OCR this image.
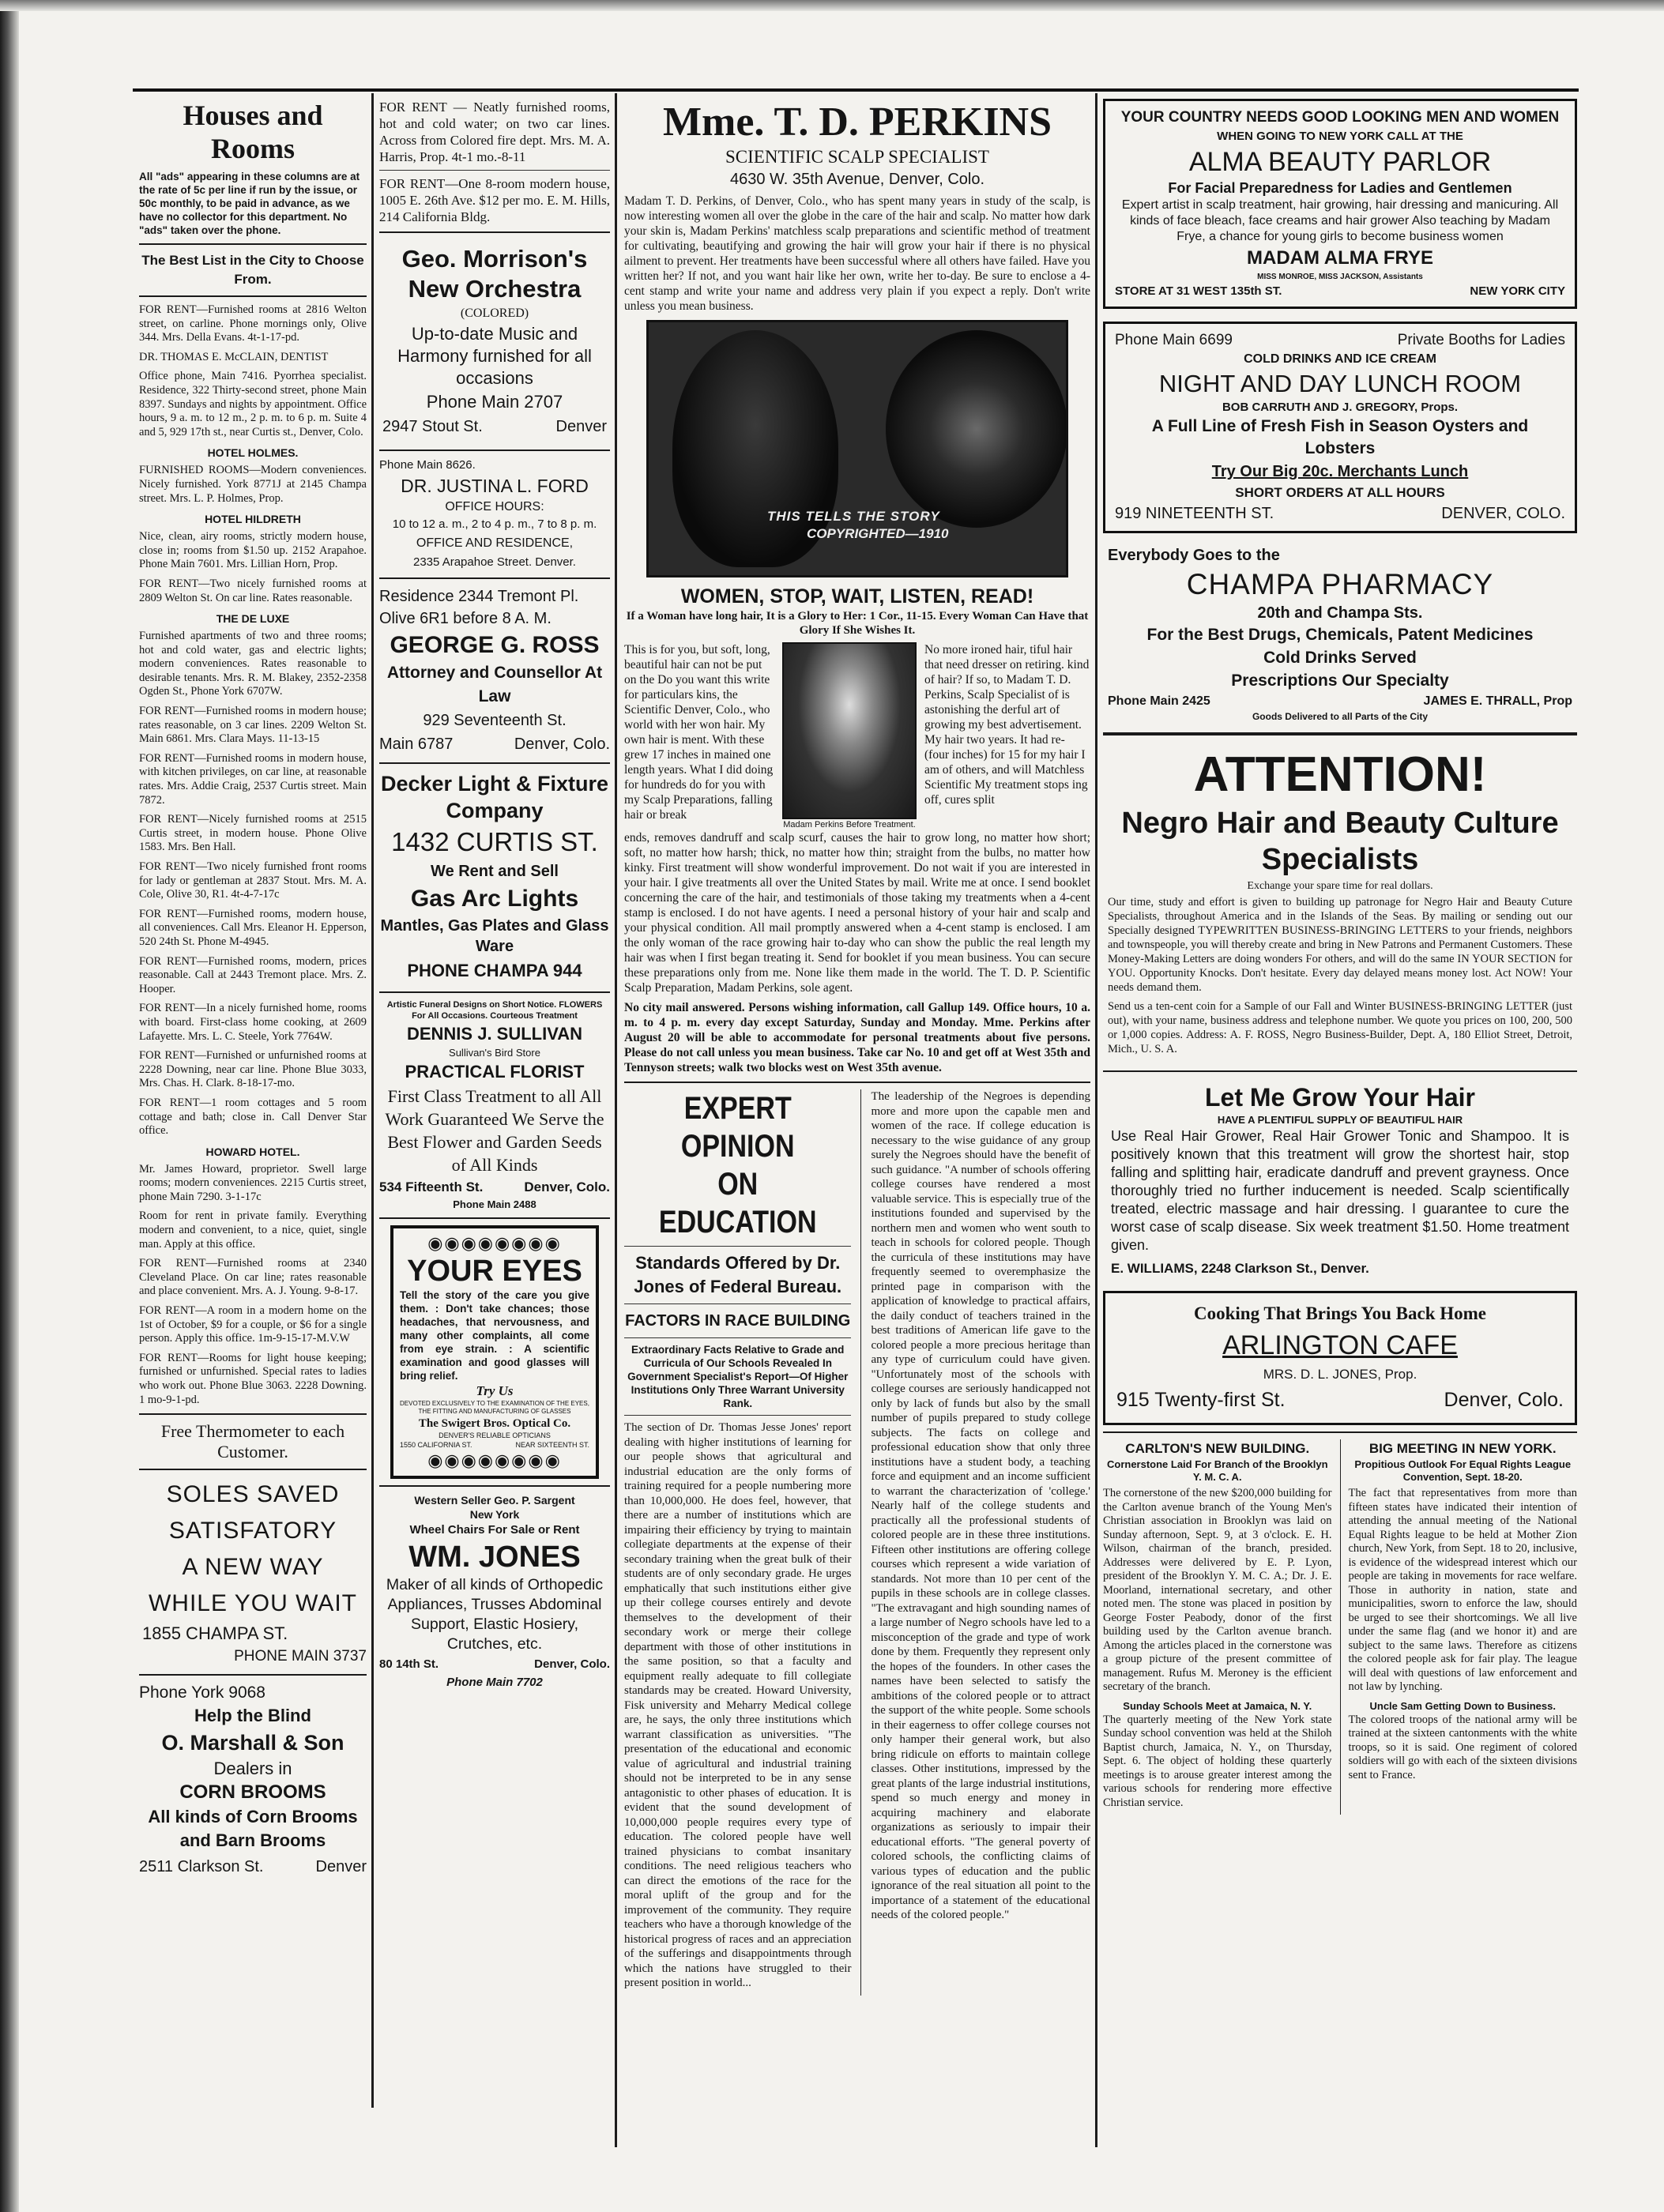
Houses and Rooms
All "ads" appearing in these columns are at the rate of 5c per line if run by the issue, or 50c monthly, to be paid in advance, as we have no collector for this department. No "ads" taken over the phone.
The Best List in the City to Choose From.
FOR RENT—Furnished rooms at 2816 Welton street, on carline. Phone mornings only, Olive 344. Mrs. Della Evans. 4t-1-17-pd.
DR. THOMAS E. McCLAIN, DENTIST
Office phone, Main 7416. Pyorrhea specialist. Residence, 322 Thirty-second street, phone Main 8397. Sundays and nights by appointment. Office hours, 9 a. m. to 12 m., 2 p. m. to 6 p. m. Suite 4 and 5, 929 17th st., near Curtis st., Denver, Colo.
HOTEL HOLMES.
FURNISHED ROOMS—Modern conveniences. Nicely furnished. York 8771J at 2145 Champa street. Mrs. L. P. Holmes, Prop.
HOTEL HILDRETH
Nice, clean, airy rooms, strictly modern house, close in; rooms from $1.50 up. 2152 Arapahoe. Phone Main 7601. Mrs. Lillian Horn, Prop.
FOR RENT—Two nicely furnished rooms at 2809 Welton St. On car line. Rates reasonable.
THE DE LUXE
Furnished apartments of two and three rooms; hot and cold water, gas and electric lights; modern conveniences. Rates reasonable to desirable tenants. Mrs. R. M. Blakey, 2352-2358 Ogden St., Phone York 6707W.
FOR RENT—Furnished rooms in modern house; rates reasonable, on 3 car lines. 2209 Welton St. Main 6861. Mrs. Clara Mays. 11-13-15
FOR RENT—Furnished rooms in modern house, with kitchen privileges, on car line, at reasonable rates. Mrs. Addie Craig, 2537 Curtis street. Main 7872.
FOR RENT—Nicely furnished rooms at 2515 Curtis street, in modern house. Phone Olive 1583. Mrs. Ben Hall.
FOR RENT—Two nicely furnished front rooms for lady or gentleman at 2837 Stout. Mrs. M. A. Cole, Olive 30, R1. 4t-4-7-17c
FOR RENT—Furnished rooms, modern house, all conveniences. Call Mrs. Eleanor H. Epperson, 520 24th St. Phone M-4945.
FOR RENT—Furnished rooms, modern, prices reasonable. Call at 2443 Tremont place. Mrs. Z. Hooper.
FOR RENT—In a nicely furnished home, rooms with board. First-class home cooking, at 2609 Lafayette. Mrs. L. C. Steele, York 7764W.
FOR RENT—Furnished or unfurnished rooms at 2228 Downing, near car line. Phone Blue 3033, Mrs. Chas. H. Clark. 8-18-17-mo.
FOR RENT—1 room cottages and 5 room cottage and bath; close in. Call Denver Star office.
HOWARD HOTEL.
Mr. James Howard, proprietor. Swell large rooms; modern conveniences. 2215 Curtis street, phone Main 7290. 3-1-17c
Room for rent in private family. Everything modern and convenient, to a nice, quiet, single man. Apply at this office.
FOR RENT—Furnished rooms at 2340 Cleveland Place. On car line; rates reasonable and place convenient. Mrs. A. J. Young. 9-8-17.
FOR RENT—A room in a modern home on the 1st of October, $9 for a couple, or $6 for a single person. Apply this office. 1m-9-15-17-M.V.W
FOR RENT—Rooms for light house keeping; furnished or unfurnished. Special rates to ladies who work out. Phone Blue 3063. 2228 Downing. 1 mo-9-1-pd.
Free Thermometer to each Customer.
SOLES SAVED
SATISFATORY
A NEW WAY
WHILE YOU WAIT
1855 CHAMPA ST.
PHONE MAIN 3737
Phone York 9068
Help the Blind
O. Marshall & Son
Dealers in
CORN BROOMS
All kinds of Corn Brooms and Barn Brooms
2511 Clarkson St.	Denver

FOR RENT — Neatly furnished rooms, hot and cold water; on two car lines. Across from Colored fire dept. Mrs. M. A. Harris, Prop. 4t-1 mo.-8-11

FOR RENT—One 8-room modern house, 1005 E. 26th Ave. $12 per mo. E. M. Hills, 214 California Bldg.

Geo. Morrison's
New Orchestra
(COLORED)
Up-to-date Music and Harmony furnished for all occasions
Phone Main 2707
2947 Stout St.	Denver
Phone Main 8626.
DR. JUSTINA L. FORD
OFFICE HOURS:
10 to 12 a. m., 2 to 4 p. m., 7 to 8 p. m.
OFFICE AND RESIDENCE,
2335 Arapahoe Street. Denver.
Residence 2344 Tremont Pl.
Olive 6R1 before 8 A. M.
GEORGE G. ROSS
Attorney and Counsellor At Law
929 Seventeenth St.
Main 6787	Denver, Colo.
Decker Light & Fixture Company
1432 CURTIS ST.
We Rent and Sell
Gas Arc Lights
Mantles, Gas Plates and Glass Ware
PHONE CHAMPA 944
Artistic Funeral Designs on Short Notice. FLOWERS For All Occasions. Courteous Treatment
DENNIS J. SULLIVAN
Sullivan's Bird Store
PRACTICAL FLORIST
First Class Treatment to all All Work Guaranteed We Serve the Best Flower and Garden Seeds of All Kinds
534 Fifteenth St.	Denver, Colo.
Phone Main 2488
◉◉◉◉◉◉◉◉
YOUR EYES
Tell the story of the care you give them. : Don't take chances; those headaches, that nervousness, and many other complaints, all come from eye strain. : A scientific examination and good glasses will bring relief.
Try Us
DEVOTED EXCLUSIVELY TO THE EXAMINATION OF THE EYES, THE FITTING AND MANUFACTURING OF GLASSES
The Swigert Bros. Optical Co.
DENVER'S RELIABLE OPTICIANS
1550 CALIFORNIA ST.	NEAR SIXTEENTH ST.
◉◉◉◉◉◉◉◉
Western Seller Geo. P. Sargent
New York
Wheel Chairs For Sale or Rent
WM. JONES
Maker of all kinds of Orthopedic Appliances, Trusses Abdominal Support, Elastic Hosiery, Crutches, etc.
80 14th St.	Denver, Colo.
Phone Main 7702
Mme. T. D. PERKINS
SCIENTIFIC SCALP SPECIALIST
4630 W. 35th Avenue, Denver, Colo.

Madam T. D. Perkins, of Denver, Colo., who has spent many years in study of the scalp, is now interesting women all over the globe in the care of the hair and scalp. No matter how dark your skin is, Madam Perkins' matchless scalp preparations and scientific method of treatment for cultivating, beautifying and growing the hair will grow your hair if there is no physical ailment to prevent. Her treatments have been successful where all others have failed. Have you written her? If not, and you want hair like her own, write her to-day. Be sure to enclose a 4-cent stamp and write your name and address very plain if you expect a reply. Don't write unless you mean business.

THIS TELLS THE STORY
COPYRIGHTED—1910
WOMEN, STOP, WAIT, LISTEN, READ!
If a Woman have long hair, It is a Glory to Her: 1 Cor., 11-15. Every Woman Can Have that Glory If She Wishes It.

This is for you, but soft, long, beautiful hair can not be put on the Do you want this write for particulars kins, the Scientific Denver, Colo., who world with her won hair. My own hair is ment. With these grew 17 inches in mained one length years. What I did doing for hundreds do for you with my Scalp Preparations, falling hair or break

Madam Perkins Before Treatment.

No more ironed hair, tiful hair that need dresser on retiring. kind of hair? If so, to Madam T. D. Perkins, Scalp Specialist of is astonishing the derful art of growing my best advertisement. My hair two years. It had re- (four inches) for 15 for my hair I am of others, and will Matchless Scientific My treatment stops ing off, cures split

ends, removes dandruff and scalp scurf, causes the hair to grow long, no matter how short; soft, no matter how harsh; thick, no matter how thin; straight from the bulbs, no matter how kinky. First treatment will show wonderful improvement. Do not wait if you are interested in your hair. I give treatments all over the United States by mail. Write me at once. I send booklet concerning the care of the hair, and testimonials of those taking my treatments when a 4-cent stamp is enclosed. I do not have agents. I need a personal history of your hair and scalp and your physical condition. All mail promptly answered when a 4-cent stamp is enclosed. I am the only woman of the race growing hair to-day who can show the public the real length my hair was when I first began treating it. Send for booklet if you mean business. You can secure these preparations only from me. None like them made in the world. The T. D. P. Scientific Scalp Preparation, Madam Perkins, sole agent.

No city mail answered. Persons wishing information, call Gallup 149. Office hours, 10 a. m. to 4 p. m. every day except Saturday, Sunday and Monday. Mme. Perkins after August 20 will be able to accommodate for personal treatments about five persons. Please do not call unless you mean business. Take car No. 10 and get off at West 35th and Tennyson streets; walk two blocks west on West 35th avenue.

EXPERT OPINION
ON EDUCATION
Standards Offered by Dr. Jones of Federal Bureau.
FACTORS IN RACE BUILDING
Extraordinary Facts Relative to Grade and Curricula of Our Schools Revealed In Government Specialist's Report—Of Higher Institutions Only Three Warrant University Rank.

The section of Dr. Thomas Jesse Jones' report dealing with higher institutions of learning for our people shows that agricultural and industrial education are the only forms of training required for a people numbering more than 10,000,000. He does feel, however, that there are a number of institutions which are impairing their efficiency by trying to maintain collegiate departments at the expense of their secondary training when the great bulk of their students are of only secondary grade. He urges emphatically that such institutions either give up their college courses entirely and devote themselves to the development of their secondary work or merge their college department with those of other institutions in the same position, so that a faculty and equipment really adequate to fill collegiate standards may be created. Howard University, Fisk university and Meharry Medical college are, he says, the only three institutions which warrant classification as universities. "The presentation of the educational and economic value of agricultural and industrial training should not be interpreted to be in any sense antagonistic to other phases of education. It is evident that the sound development of 10,000,000 people requires every type of education. The colored people have well trained physicians to combat insanitary conditions. The need religious teachers who can direct the emotions of the race for the moral uplift of the group and for the improvement of the community. They require teachers who have a thorough knowledge of the historical progress of races and an appreciation of the sufferings and disappointments through which the nations have struggled to their present position in world...

The leadership of the Negroes is depending more and more upon the capable men and women of the race. If college education is necessary to the wise guidance of any group surely the Negroes should have the benefit of such guidance. "A number of schools offering college courses have rendered a most valuable service. This is especially true of the institutions founded and supervised by the northern men and women who went south to teach in schools for colored people. Though the curricula of these institutions may have frequently seemed to overemphasize the printed page in comparison with the application of knowledge to practical affairs, the daily conduct of teachers trained in the best traditions of American life gave to the colored people a more precious heritage than any type of curriculum could have given. "Unfortunately most of the schools with college courses are seriously handicapped not only by lack of funds but also by the small number of pupils prepared to study college subjects. The facts on college and professional education show that only three institutions have a student body, a teaching force and equipment and an income sufficient to warrant the characterization of 'college.' Nearly half of the college students and practically all the professional students of colored people are in these three institutions. Fifteen other institutions are offering college courses which represent a wide variation of standards. Not more than 10 per cent of the pupils in these schools are in college classes. "The extravagant and high sounding names of a large number of Negro schools have led to a misconception of the grade and type of work done by them. Frequently they represent only the hopes of the founders. In other cases the names have been selected to satisfy the ambitions of the colored people or to attract the support of the white people. Some schools in their eagerness to offer college courses not only hamper their general work, but also bring ridicule on efforts to maintain college classes. Other institutions, impressed by the great plants of the large industrial institutions, spend so much energy and money in acquiring machinery and elaborate organizations as seriously to impair their educational efforts. "The general poverty of colored schools, the conflicting claims of various types of education and the public ignorance of the real situation all point to the importance of a statement of the educational needs of the colored people."

YOUR COUNTRY NEEDS GOOD LOOKING MEN AND WOMEN
WHEN GOING TO NEW YORK CALL AT THE
ALMA BEAUTY PARLOR
For Facial Preparedness for Ladies and Gentlemen
Expert artist in scalp treatment, hair growing, hair dressing and manicuring. All kinds of face bleach, face creams and hair grower Also teaching by Madam Frye, a chance for young girls to become business women
MADAM ALMA FRYE
MISS MONROE, MISS JACKSON, Assistants
STORE AT 31 WEST 135th ST.	NEW YORK CITY
Phone Main 6699	Private Booths for Ladies
COLD DRINKS AND ICE CREAM
NIGHT AND DAY LUNCH ROOM
BOB CARRUTH AND J. GREGORY, Props.
A Full Line of Fresh Fish in Season Oysters and Lobsters
Try Our Big 20c. Merchants Lunch
SHORT ORDERS AT ALL HOURS
919 NINETEENTH ST.	DENVER, COLO.
Everybody Goes to the
CHAMPA PHARMACY
20th and Champa Sts.
For the Best Drugs, Chemicals, Patent Medicines
Cold Drinks Served
Prescriptions Our Specialty
Phone Main 2425	JAMES E. THRALL, Prop
Goods Delivered to all Parts of the City
ATTENTION!
Negro Hair and Beauty Culture Specialists
Exchange your spare time for real dollars.

Our time, study and effort is given to building up patronage for Negro Hair and Beauty Cuture Specialists, throughout America and in the Islands of the Seas. By mailing or sending out our Specially designed TYPEWRITTEN BUSINESS-BRINGING LETTERS to your friends, neighbors and townspeople, you will thereby create and bring in New Patrons and Permanent Customers. These Money-Making Letters are doing wonders For others, and will do the same IN YOUR SECTION for YOU. Opportunity Knocks. Don't hesitate. Every day delayed means money lost. Act NOW! Your needs demand them.

Send us a ten-cent coin for a Sample of our Fall and Winter BUSINESS-BRINGING LETTER (just out), with your name, business address and telephone number. We quote you prices on 100, 200, 500 or 1,000 copies. Address: A. F. ROSS, Negro Business-Builder, Dept. A, 180 Elliot Street, Detroit, Mich., U. S. A.

Let Me Grow Your Hair
HAVE A PLENTIFUL SUPPLY OF BEAUTIFUL HAIR

Use Real Hair Grower, Real Hair Grower Tonic and Shampoo. It is positively known that this treatment will grow the shortest hair, stop falling and splitting hair, eradicate dandruff and prevent grayness. Once thoroughly tried no further inducement is needed. Scalp scientifically treated, electric massage and hair dressing. I guarantee to cure the worst case of scalp disease. Six week treatment $1.50. Home treatment given.

E. WILLIAMS, 2248 Clarkson St., Denver.
Cooking That Brings You Back Home
ARLINGTON CAFE
MRS. D. L. JONES, Prop.
915 Twenty-first St.	Denver, Colo.
CARLTON'S NEW BUILDING.
Cornerstone Laid For Branch of the Brooklyn Y. M. C. A.

The cornerstone of the new $200,000 building for the Carlton avenue branch of the Young Men's Christian association in Brooklyn was laid on Sunday afternoon, Sept. 9, at 3 o'clock. E. H. Wilson, chairman of the branch, presided. Addresses were delivered by E. P. Lyon, president of the Brooklyn Y. M. C. A.; Dr. J. E. Moorland, international secretary, and other noted men. The stone was placed in position by George Foster Peabody, donor of the first building used by the Carlton avenue branch. Among the articles placed in the cornerstone was a group picture of the present committee of management. Rufus M. Meroney is the efficient secretary of the branch.

Sunday Schools Meet at Jamaica, N. Y.

The quarterly meeting of the New York state Sunday school convention was held at the Shiloh Baptist church, Jamaica, N. Y., on Thursday, Sept. 6. The object of holding these quarterly meetings is to arouse greater interest among the various schools for rendering more effective Christian service.

BIG MEETING IN NEW YORK.
Propitious Outlook For Equal Rights League Convention, Sept. 18-20.

The fact that representatives from more than fifteen states have indicated their intention of attending the annual meeting of the National Equal Rights league to be held at Mother Zion church, New York, from Sept. 18 to 20, inclusive, is evidence of the widespread interest which our people are taking in movements for race welfare. Those in authority in nation, state and municipalities, sworn to enforce the law, should be urged to see their shortcomings. We all live under the same flag (and we honor it) and are subject to the same laws. Therefore as citizens the colored people ask for fair play. The league will deal with questions of law enforcement and not law by lynching.

Uncle Sam Getting Down to Business.

The colored troops of the national army will be trained at the sixteen cantonments with the white troops, so it is said. One regiment of colored soldiers will go with each of the sixteen divisions sent to France.
